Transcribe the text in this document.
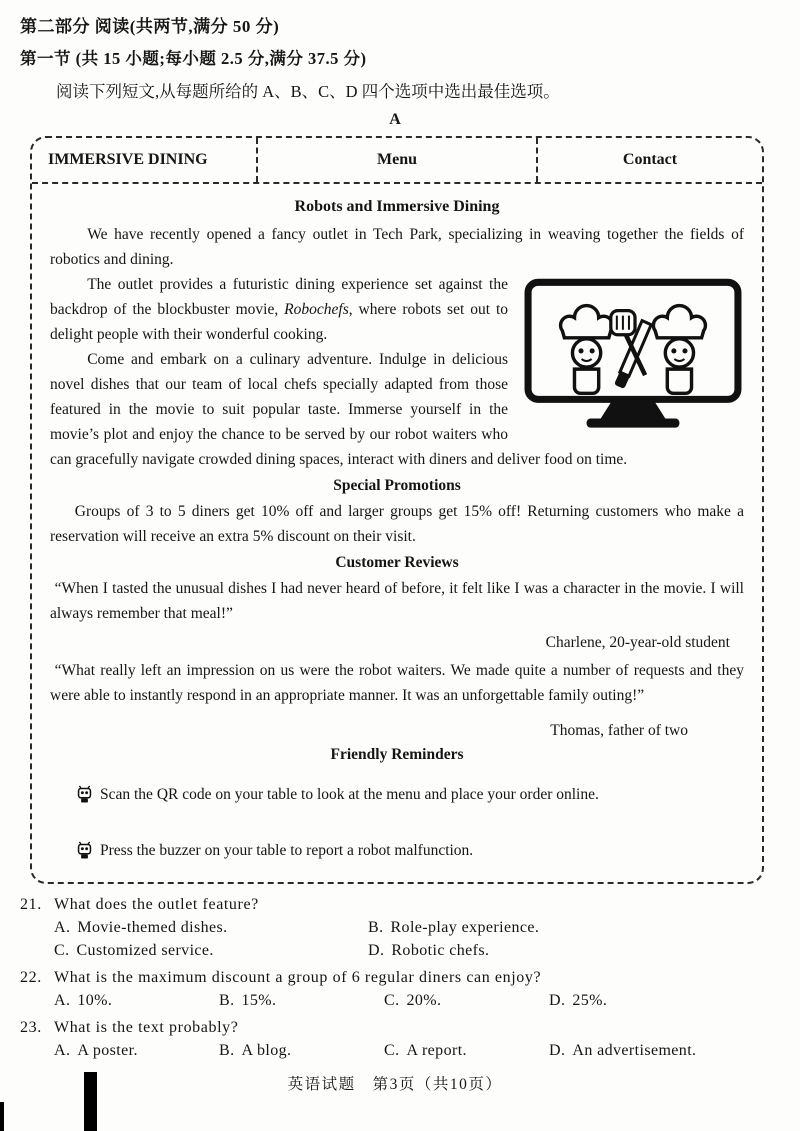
第二部分 阅读(共两节,满分 50 分)
第一节 (共 15 小题;每小题 2.5 分,满分 37.5 分)
阅读下列短文,从每题所给的 A、B、C、D 四个选项中选出最佳选项。
A
IMMERSIVE DINING	Menu	Contact
Robots and Immersive Dining

We have recently opened a fancy outlet in Tech Park, specializing in weaving together the fields of robotics and dining.

The outlet provides a futuristic dining experience set against the backdrop of the blockbuster movie, Robochefs, where robots set out to delight people with their wonderful cooking.

Come and embark on a culinary adventure. Indulge in delicious novel dishes that our team of local chefs specially adapted from those featured in the movie to suit popular taste. Immerse yourself in the movie’s plot and enjoy the chance to be served by our robot waiters who can gracefully navigate crowded dining spaces, interact with diners and deliver food on time.

Special Promotions

Groups of 3 to 5 diners get 10% off and larger groups get 15% off! Returning customers who make a reservation will receive an extra 5% discount on their visit.

Customer Reviews

“When I tasted the unusual dishes I had never heard of before, it felt like I was a character in the movie. I will always remember that meal!”

Charlene, 20-year-old student

“What really left an impression on us were the robot waiters. We made quite a number of requests and they were able to instantly respond in an appropriate manner. It was an unforgettable family outing!”

Thomas, father of two
Friendly Reminders
Scan the QR code on your table to look at the menu and place your order online.
Press the buzzer on your table to report a robot malfunction.
21. What does the outlet feature?
A. Movie-themed dishes.	B. Role-play experience.
C. Customized service.	D. Robotic chefs.
22. What is the maximum discount a group of 6 regular diners can enjoy?
A. 10%.	B. 15%.	C. 20%.	D. 25%.
23. What is the text probably?
A. A poster.	B. A blog.	C. A report.	D. An advertisement.
英语试题　第3页（共10页）
